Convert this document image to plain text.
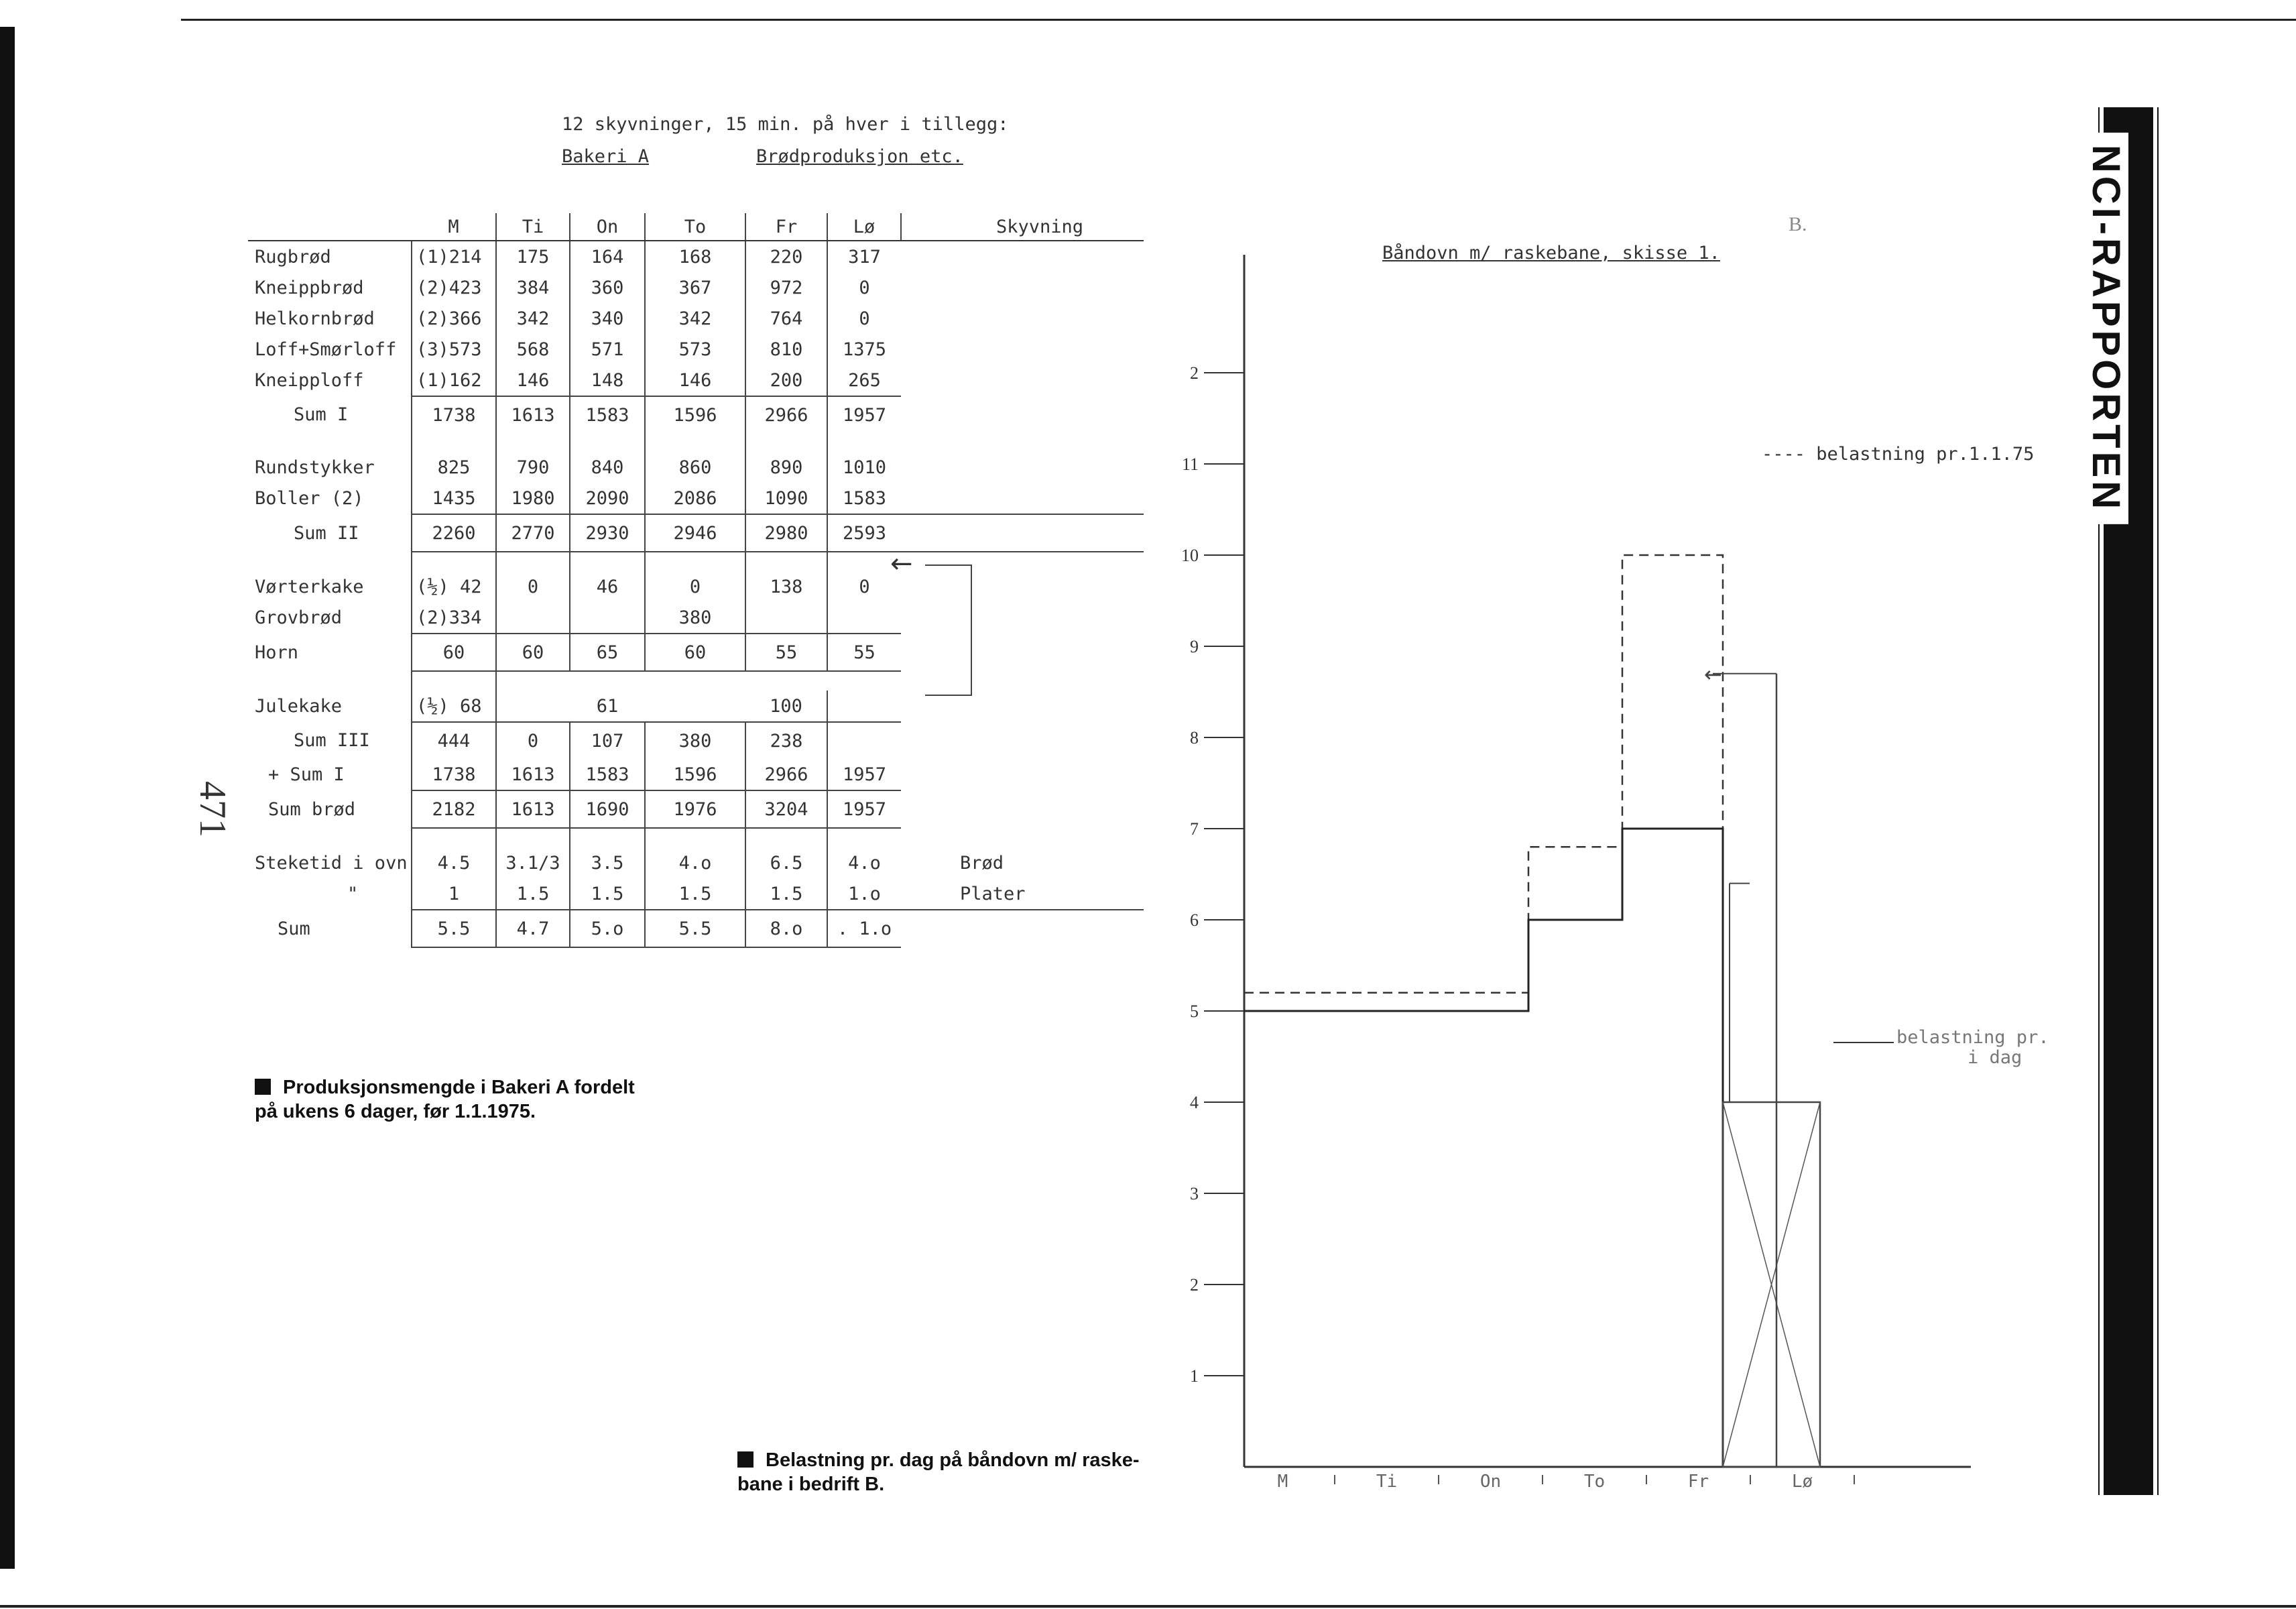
12 skyvninger, 15 min. på hver i tillegg:
Bakeri A	Brødproduksjon etc.
471
	M	Ti	On	To	Fr	Lø	Skyvning
Rugbrød	(1)214	175	164	168	220	317	
Kneippbrød	(2)423	384	360	367	972	0	
Helkornbrød	(2)366	342	340	342	764	0	
Loff+Smørloff	(3)573	568	571	573	810	1375	
Kneipploff	(1)162	146	148	146	200	265	
Sum I	1738	1613	1583	1596	2966	1957	

Rundstykker	825	790	840	860	890	1010	
Boller (2)	1435	1980	2090	2086	1090	1583	
Sum II	2260	2770	2930	2946	2980	2593	

Vørterkake	(½) 42	0	46	0	138	0	
Grovbrød	(2)334			380			
Horn	60	60	65	60	55	55	

Julekake	(½) 68		61		100		
Sum III	444	0	107	380	238		
+ Sum I	1738	1613	1583	1596	2966	1957	
Sum brød	2182	1613	1690	1976	3204	1957	

Steketid i ovn	4.5	3.1/3	3.5	4.o	6.5	4.o	Brød
"	1	1.5	1.5	1.5	1.5	1.o	Plater
Sum	5.5	4.7	5.o	5.5	8.o	. 1.o	
←
Produksjonsmengde i Bakeri A fordelt
på ukens 6 dager, før 1.1.1975.
1
2
3
4
5
6
7
8
9
10
11
2
M	Ti	On	To	Fr	Lø
←
Båndovn m/ raskebane, skisse 1.
B.
---- belastning pr.1.1.75
belastning pr.
i dag
Belastning pr. dag på båndovn m/ raske-
bane i bedrift B.
NCI-RAPPORTEN
